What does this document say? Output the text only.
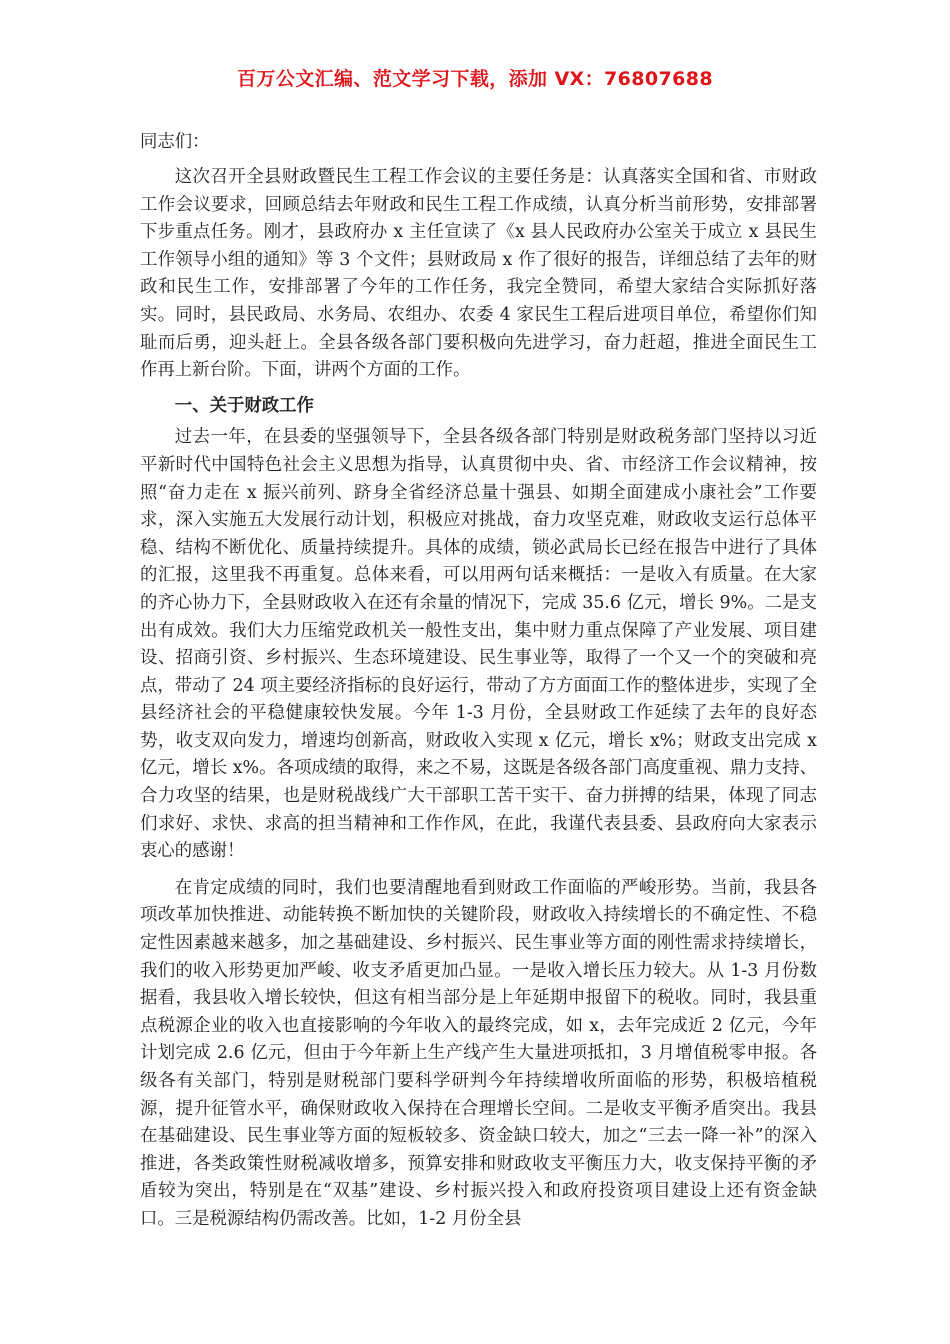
百万公文汇编、范文学习下载，添加 VX：76807688
同志们：

这次召开全县财政暨民生工程工作会议的主要任务是：认真落实全国和省、市财政工作会议要求，回顾总结去年财政和民生工程工作成绩，认真分析当前形势，安排部署下步重点任务。刚才，县政府办 x 主任宣读了《x 县人民政府办公室关于成立 x 县民生工作领导小组的通知》等 3 个文件；县财政局 x 作了很好的报告，详细总结了去年的财政和民生工作，安排部署了今年的工作任务，我完全赞同，希望大家结合实际抓好落实。同时，县民政局、水务局、农组办、农委 4 家民生工程后进项目单位，希望你们知耻而后勇，迎头赶上。全县各级各部门要积极向先进学习，奋力赶超，推进全面民生工作再上新台阶。下面，讲两个方面的工作。

一、关于财政工作

过去一年，在县委的坚强领导下，全县各级各部门特别是财政税务部门坚持以习近平新时代中国特色社会主义思想为指导，认真贯彻中央、省、市经济工作会议精神，按照“奋力走在 x 振兴前列、跻身全省经济总量十强县、如期全面建成小康社会”工作要求，深入实施五大发展行动计划，积极应对挑战，奋力攻坚克难，财政收支运行总体平稳、结构不断优化、质量持续提升。具体的成绩，锁必武局长已经在报告中进行了具体的汇报，这里我不再重复。总体来看，可以用两句话来概括：一是收入有质量。在大家的齐心协力下，全县财政收入在还有余量的情况下，完成 35.6 亿元，增长 9%。二是支出有成效。我们大力压缩党政机关一般性支出，集中财力重点保障了产业发展、项目建设、招商引资、乡村振兴、生态环境建设、民生事业等，取得了一个又一个的突破和亮点，带动了 24 项主要经济指标的良好运行，带动了方方面面工作的整体进步，实现了全县经济社会的平稳健康较快发展。今年 1-3 月份，全县财政工作延续了去年的良好态势，收支双向发力，增速均创新高，财政收入实现 x 亿元，增长 x%；财政支出完成 x 亿元，增长 x%。各项成绩的取得，来之不易，这既是各级各部门高度重视、鼎力支持、合力攻坚的结果，也是财税战线广大干部职工苦干实干、奋力拼搏的结果，体现了同志们求好、求快、求高的担当精神和工作作风，在此，我谨代表县委、县政府向大家表示衷心的感谢！

在肯定成绩的同时，我们也要清醒地看到财政工作面临的严峻形势。当前，我县各项改革加快推进、动能转换不断加快的关键阶段，财政收入持续增长的不确定性、不稳定性因素越来越多，加之基础建设、乡村振兴、民生事业等方面的刚性需求持续增长，我们的收入形势更加严峻、收支矛盾更加凸显。一是收入增长压力较大。从 1-3 月份数据看，我县收入增长较快，但这有相当部分是上年延期申报留下的税收。同时，我县重点税源企业的收入也直接影响的今年收入的最终完成，如 x，去年完成近 2 亿元，今年计划完成 2.6 亿元，但由于今年新上生产线产生大量进项抵扣，3 月增值税零申报。各级各有关部门，特别是财税部门要科学研判今年持续增收所面临的形势，积极培植税源，提升征管水平，确保财政收入保持在合理增长空间。二是收支平衡矛盾突出。我县在基础建设、民生事业等方面的短板较多、资金缺口较大，加之“三去一降一补”的深入推进，各类政策性财税减收增多，预算安排和财政收支平衡压力大，收支保持平衡的矛盾较为突出，特别是在“双基”建设、乡村振兴投入和政府投资项目建设上还有资金缺口。三是税源结构仍需改善。比如，1-2 月份全县
